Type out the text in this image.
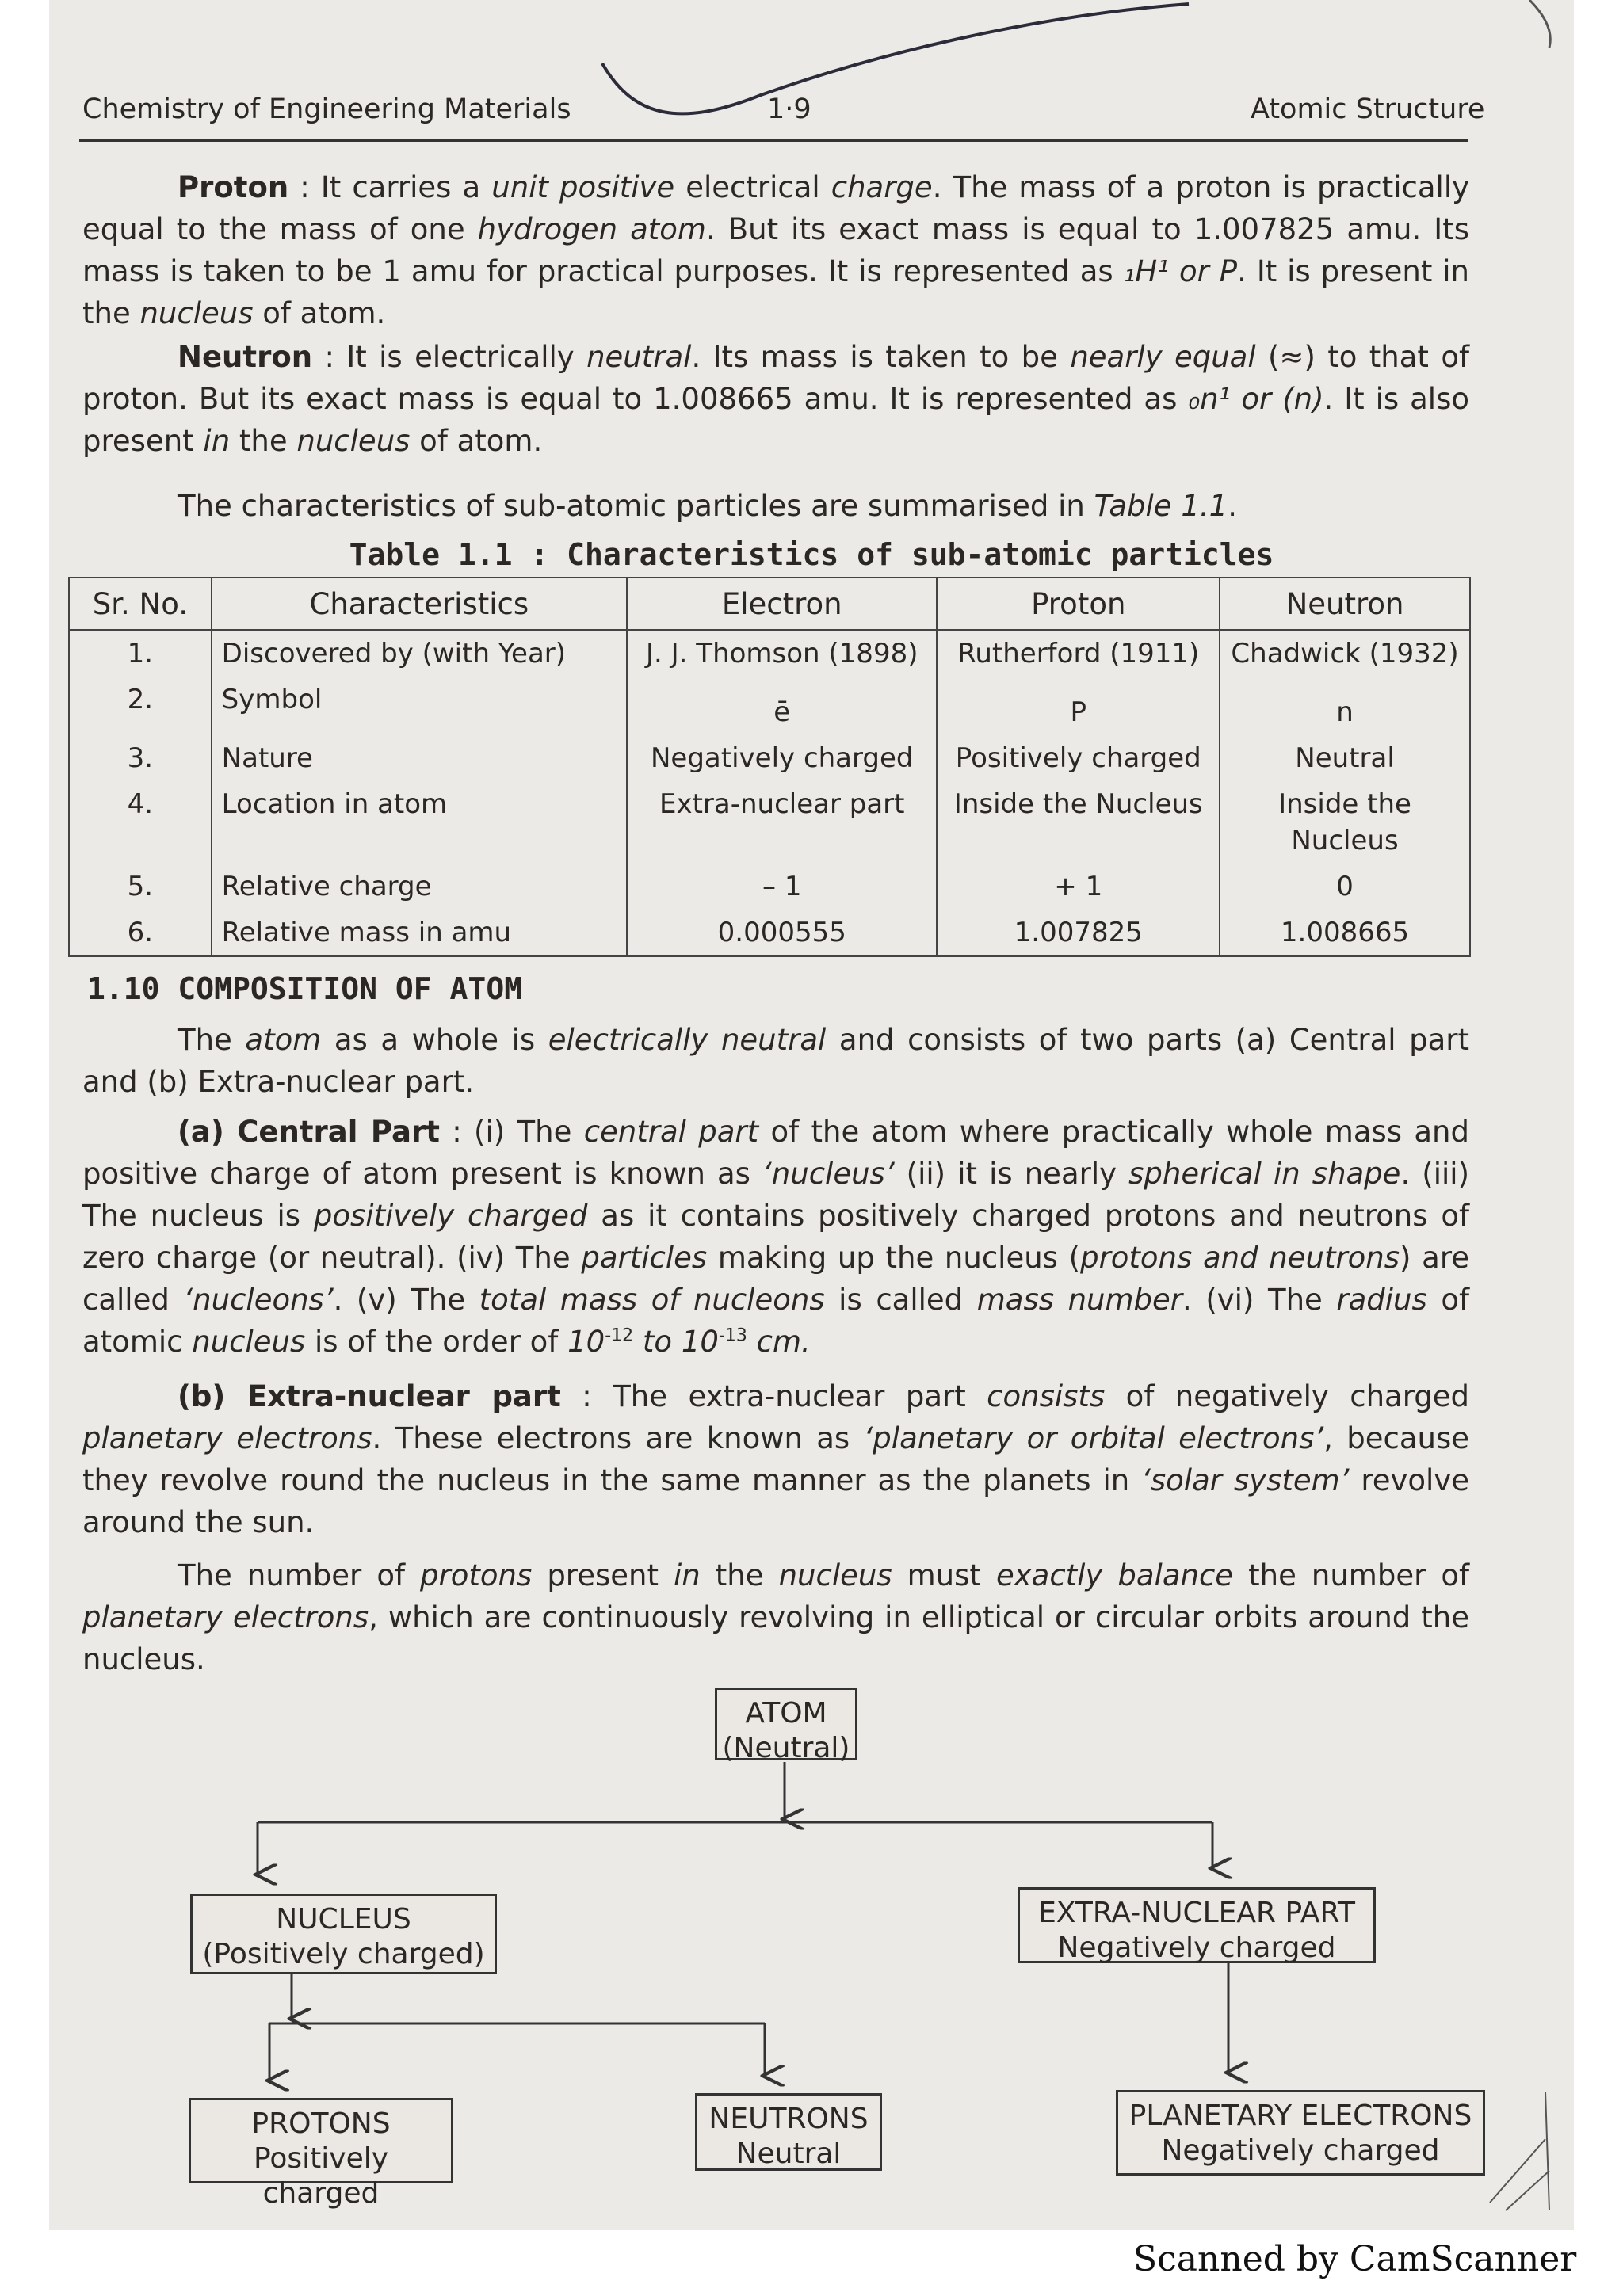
Chemistry of Engineering Materials	1·9	Atomic Structure

Proton : It carries a unit positive electrical charge. The mass of a proton is practically equal to the mass of one hydrogen atom. But its exact mass is equal to 1.007825 amu. Its mass is taken to be 1 amu for practical purposes. It is represented as ₁H¹ or P. It is present in the nucleus of atom.

Neutron : It is electrically neutral. Its mass is taken to be nearly equal (≈) to that of proton. But its exact mass is equal to 1.008665 amu. It is represented as ₀n¹ or (n). It is also present in the nucleus of atom.

The characteristics of sub-atomic particles are summarised in Table 1.1.

Table 1.1 : Characteristics of sub-atomic particles
Sr. No.	Characteristics	Electron	Proton	Neutron
1.	Discovered by (with Year)	J. J. Thomson (1898)	Rutherford (1911)	Chadwick (1932)
2.	Symbol	ē	P	n
3.	Nature	Negatively charged	Positively charged	Neutral
4.	Location in atom	Extra-nuclear part	Inside the Nucleus	Inside the Nucleus
5.	Relative charge	– 1	+ 1	0
6.	Relative mass in amu	0.000555	1.007825	1.008665
1.10 COMPOSITION OF ATOM

The atom as a whole is electrically neutral and consists of two parts (a) Central part and (b) Extra-nuclear part.

(a) Central Part : (i) The central part of the atom where practically whole mass and positive charge of atom present is known as ‘nucleus’ (ii) it is nearly spherical in shape. (iii) The nucleus is positively charged as it contains positively charged protons and neutrons of zero charge (or neutral). (iv) The particles making up the nucleus (protons and neutrons) are called ‘nucleons’. (v) The total mass of nucleons is called mass number. (vi) The radius of atomic nucleus is of the order of $10^{-12}$ to $10^{-13}$ cm.

(b) Extra-nuclear part : The extra-nuclear part consists of negatively charged planetary electrons. These electrons are known as ‘planetary or orbital electrons’, because they revolve round the nucleus in the same manner as the planets in ‘solar system’ revolve around the sun.

The number of protons present in the nucleus must exactly balance the number of planetary electrons, which are continuously revolving in elliptical or circular orbits around the nucleus.

ATOM
(Neutral)
NUCLEUS
(Positively charged)
EXTRA-NUCLEAR PART
Negatively charged
PROTONS
Positively charged
NEUTRONS
Neutral
PLANETARY ELECTRONS
Negatively charged
Scanned by CamScanner
